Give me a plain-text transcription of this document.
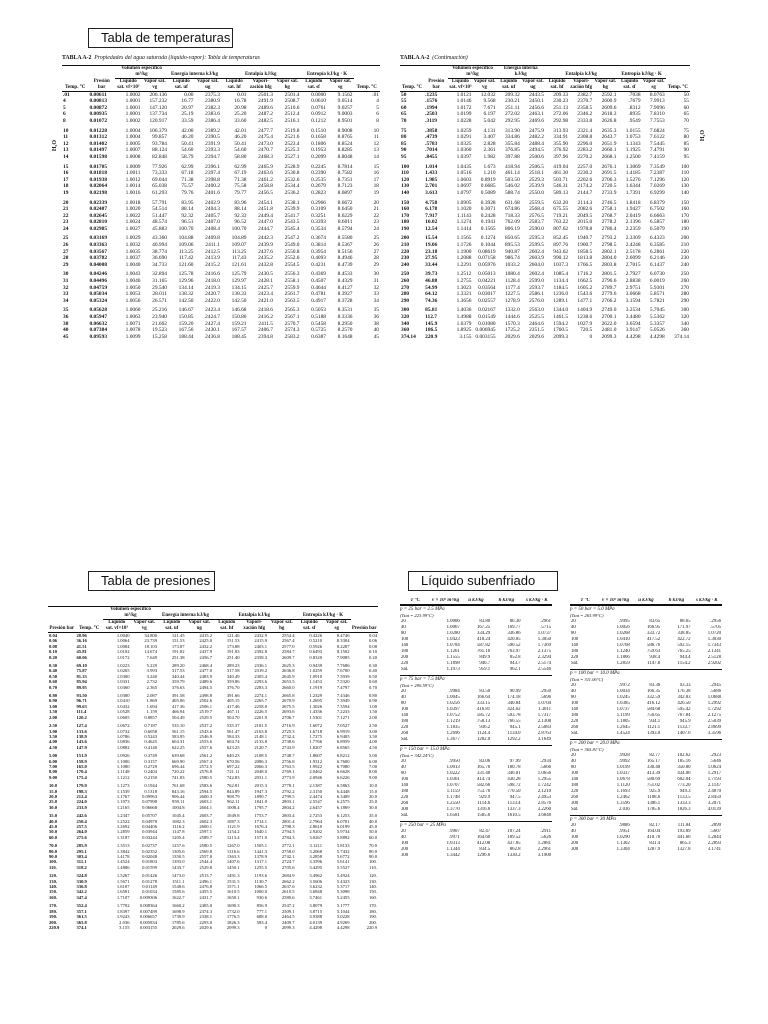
Tabla de temperaturas
Tabla de presiones	Líquido subenfriado
TABLA A-2 Propiedades del agua saturada (líquido-vapor): Tabla de temperaturas
		Volumen específico m³/kg		Energía interna kJ/kg		Entalpía kJ/kg			Entropía kJ/kg · K		
Temp. °C	Presión bar	Líquido sat. vf×10³	Vapor sat. vg	Líquido sat. uf	Vapor sat. ug	Líquido sat. hf	Vapori-zación hfg	Vapor sat. hg	Líquido sat. sf	Vapor sat. sg	Temp. °C
.01	0.00611	1.0002	206.136	0.00	2375.3	0.01	2501.3	2501.4	0.0000	9.1562	.01
4	0.00813	1.0001	157.232	16.77	2380.9	16.78	2491.9	2508.7	0.0610	9.0514	4
5	0.00872	1.0001	147.120	20.97	2382.3	20.98	2489.6	2510.6	0.0761	9.0257	5
6	0.00935	1.0001	137.734	25.19	2383.6	25.20	2487.2	2512.4	0.0912	9.0003	6
8	0.01072	1.0002	120.917	33.59	2386.4	33.60	2482.5	2516.1	0.1212	8.9501	8
10	0.01228	1.0004	106.379	42.00	2389.2	42.01	2477.7	2519.8	0.1510	8.9008	10
11	0.01312	1.0004	99.857	46.20	2390.5	46.20	2475.4	2521.6	0.1658	8.8765	11
12	0.01402	1.0005	93.784	50.41	2391.9	50.41	2473.0	2523.4	0.1806	8.8524	12
13	0.01497	1.0007	88.124	54.60	2393.3	54.60	2470.7	2525.3	0.1953	8.8285	13
14	0.01598	1.0008	82.848	58.79	2394.7	58.80	2468.3	2527.1	0.2099	8.8048	14
15	0.01705	1.0009	77.926	62.99	2396.1	62.99	2465.9	2528.9	0.2245	8.7814	15
16	0.01818	1.0011	73.333	67.18	2397.4	67.19	2463.6	2530.8	0.2390	8.7582	16
17	0.01938	1.0012	69.044	71.38	2398.8	71.38	2461.2	2532.6	0.2535	8.7351	17
18	0.02064	1.0014	65.038	75.57	2400.2	75.58	2458.8	2534.4	0.2679	8.7123	18
19	0.02198	1.0016	61.293	79.76	2401.6	79.77	2456.5	2536.2	0.2823	8.6897	19
20	0.02339	1.0018	57.791	83.95	2402.9	83.96	2454.1	2538.1	0.2966	8.6672	20
21	0.02487	1.0020	54.514	88.14	2404.3	88.14	2451.8	2539.9	0.3109	8.6450	21
22	0.02645	1.0022	51.447	92.32	2405.7	92.33	2449.4	2541.7	0.3251	8.6229	22
23	0.02810	1.0024	48.574	96.51	2407.0	96.52	2447.0	2543.5	0.3393	8.6011	23
24	0.02985	1.0027	45.883	100.70	2408.4	100.70	2444.7	2545.4	0.3534	8.5794	24
25	0.03169	1.0029	43.360	104.88	2409.8	104.89	2442.3	2547.2	0.3674	8.5580	25
26	0.03363	1.0032	40.994	109.06	2411.1	109.07	2439.9	2549.0	0.3814	8.5367	26
27	0.03567	1.0035	38.774	113.25	2412.5	113.25	2437.6	2550.8	0.3954	8.5156	27
28	0.03782	1.0037	36.690	117.42	2413.9	117.43	2435.2	2552.6	0.4093	8.4946	28
29	0.04008	1.0040	34.733	121.60	2415.2	121.61	2432.8	2554.5	0.4231	8.4739	29
30	0.04246	1.0043	32.894	125.78	2416.6	125.79	2430.5	2556.3	0.4369	8.4533	30
31	0.04496	1.0046	31.165	129.96	2418.0	129.97	2428.1	2558.1	0.4507	8.4329	31
32	0.04759	1.0050	29.540	134.14	2419.3	134.15	2425.7	2559.9	0.4644	8.4127	32
33	0.05034	1.0053	28.011	138.32	2420.7	138.33	2423.4	2561.7	0.4781	8.3927	33
34	0.05324	1.0056	26.571	142.50	2422.0	142.50	2421.0	2563.5	0.4917	8.3728	34
35	0.05628	1.0060	25.216	146.67	2423.4	146.68	2418.6	2565.3	0.5053	8.3531	35
36	0.05947	1.0063	23.940	150.85	2424.7	150.86	2416.2	2567.1	0.5188	8.3336	36
38	0.06632	1.0071	21.602	159.20	2427.4	159.21	2411.5	2570.7	0.5458	8.2950	38
40	0.07384	1.0078	19.523	167.56	2430.1	167.57	2406.7	2574.3	0.5725	8.2570	40
45	0.09593	1.0099	15.258	188.44	2436.8	188.45	2394.8	2583.2	0.6387	8.1648	45
H₂O
TABLA A-2 (Continuación)
		Volumen específico m³/kg		Energía interna kJ/kg		Entalpía kJ/kg			Entropía kJ/kg · K		
Temp. °C	Presión bar	Líquido sat. vf×10³	Vapor sat. vg	Líquido sat. uf	Vapor sat. ug	Líquido sat. hf	Vapori-zación hfg	Vapor sat. hg	Líquido sat. sf	Vapor sat. sg	Temp. °C
50	.1235	1.0121	12.032	209.32	2443.5	209.33	2382.7	2592.1	.7038	8.0763	50
55	.1576	1.0146	9.568	230.21	2450.1	230.23	2370.7	2600.9	.7679	7.9913	55
60	.1994	1.0172	7.671	251.11	2456.6	251.13	2358.5	2609.6	.8312	7.9096	60
65	.2503	1.0199	6.197	272.02	2463.1	272.06	2346.2	2618.3	.8935	7.8310	65
70	.3119	1.0228	5.042	292.95	2469.6	292.98	2333.8	2626.8	.9549	7.7553	70
75	.3858	1.0259	4.131	313.90	2475.9	313.93	2321.4	2635.3	1.0155	7.6824	75
80	.4739	1.0291	3.407	334.86	2482.2	334.91	2308.8	2643.7	1.0753	7.6122	80
85	.5783	1.0325	2.828	355.84	2488.4	355.90	2296.0	2651.9	1.1343	7.5445	85
90	.7014	1.0360	2.361	376.85	2494.5	376.92	2283.2	2660.1	1.1925	7.4791	90
95	.8455	1.0397	1.982	397.88	2500.6	397.96	2270.2	2668.1	1.2500	7.4159	95
100	1.014	1.0435	1.673	418.94	2506.5	419.04	2257.0	2676.1	1.3069	7.3549	100
110	1.433	1.0516	1.210	461.14	2518.1	461.30	2230.2	2691.5	1.4185	7.2387	110
120	1.985	1.0603	0.8919	503.50	2529.3	503.71	2202.6	2706.3	1.5276	7.1296	120
130	2.701	1.0697	0.6685	546.02	2539.9	546.31	2174.2	2720.5	1.6344	7.0269	130
140	3.613	1.0797	0.5089	588.74	2550.0	589.13	2144.7	2733.9	1.7391	6.9299	140
150	4.758	1.0905	0.3928	631.68	2559.5	632.20	2114.3	2746.5	1.8418	6.8379	150
160	6.178	1.1020	0.3071	674.86	2568.4	675.55	2082.6	2758.1	1.9427	6.7502	160
170	7.917	1.1143	0.2428	718.33	2576.5	719.21	2049.5	2768.7	2.0419	6.6663	170
180	10.02	1.1274	0.1941	762.09	2583.7	763.22	2015.0	2778.2	2.1396	6.5857	180
190	12.54	1.1414	0.1565	806.19	2590.0	807.62	1978.8	2786.4	2.2359	6.5079	190
200	15.54	1.1565	0.1274	850.65	2595.3	852.45	1940.7	2793.2	2.3309	6.4323	200
210	19.06	1.1726	0.1044	895.53	2599.5	897.76	1900.7	2798.5	2.4248	6.3585	210
220	23.18	1.1900	0.08619	940.87	2602.4	943.62	1858.5	2802.1	2.5178	6.2861	220
230	27.95	1.2088	0.07158	986.74	2603.9	990.12	1813.8	2804.0	2.6099	6.2146	230
240	33.44	1.2291	0.05976	1033.2	2604.0	1037.3	1766.5	2803.8	2.7015	6.1437	240
250	39.73	1.2512	0.05013	1080.4	2602.4	1085.4	1716.2	2801.5	2.7927	6.0730	250
260	46.88	1.2755	0.04221	1128.4	2599.0	1134.4	1662.5	2796.6	2.8838	6.0019	260
270	54.99	1.3023	0.03564	1177.4	2593.7	1184.5	1605.2	2789.7	2.9751	5.9301	270
280	64.12	1.3321	0.03017	1227.5	2586.1	1236.0	1543.6	2779.6	3.0668	5.8571	280
290	74.36	1.3656	0.02557	1278.9	2576.0	1289.1	1477.1	2766.2	3.1594	5.7821	290
300	85.81	1.4036	0.02167	1332.0	2563.0	1344.0	1404.9	2749.0	3.2534	5.7045	300
320	112.7	1.4988	0.01549	1444.6	2525.5	1461.5	1238.6	2700.1	3.4480	5.5362	320
340	145.9	1.6379	0.01080	1570.3	2464.6	1594.2	1027.9	2622.0	3.6594	5.3357	340
360	186.5	1.8925	0.006945	1725.2	2351.5	1760.5	720.5	2481.0	3.9147	5.0526	360
374.14	220.9	3.155	0.003155	2029.6	2029.6	2099.3	0	2099.3	4.4298	4.4298	374.14
H₂O
		Volumen específico m³/kg		Energía interna kJ/kg		Entalpía kJ/kg			Entropía kJ/kg · K		
Presión bar	Temp. °C	Líquido sat. vf×10³	Vapor sat. vg	Líquido sat. uf	Vapor sat. ug	Líquido sat. hf	Vapori-zación hfg	Vapor sat. hg	Líquido sat. sf	Vapor sat. sg	Presión bar
0.04	28.96	1.0040	34.800	121.45	2415.2	121.46	2432.9	2554.4	0.4226	8.4746	0.04
0.06	36.16	1.0064	23.739	151.53	2425.0	151.53	2415.9	2567.4	0.5210	8.3304	0.06
0.08	41.51	1.0084	18.103	173.87	2432.2	173.88	2403.1	2577.0	0.5926	8.2287	0.08
0.10	45.81	1.0102	14.674	191.82	2437.9	191.83	2392.8	2584.7	0.6493	8.1502	0.10
0.20	60.06	1.0172	7.649	251.38	2456.7	251.40	2358.3	2609.7	0.8320	7.9085	0.20
0.30	69.10	1.0223	5.229	289.20	2468.4	289.23	2336.1	2625.3	0.9439	7.7686	0.30
0.40	75.87	1.0265	3.993	317.53	2477.0	317.58	2319.2	2636.8	1.0259	7.6700	0.40
0.50	81.33	1.0300	3.240	340.44	2483.9	340.49	2305.4	2645.9	1.0910	7.5939	0.50
0.60	85.94	1.0331	2.732	359.79	2489.6	359.86	2293.6	2653.5	1.1453	7.5320	0.60
0.70	89.95	1.0360	2.365	376.63	2494.5	376.70	2283.3	2660.0	1.1919	7.4797	0.70
0.80	93.50	1.0380	2.087	391.58	2498.8	391.66	2274.1	2665.8	1.2329	7.4346	0.80
0.90	96.71	1.0410	1.869	405.06	2502.6	405.15	2265.7	2670.9	1.2695	7.3949	0.90
1.00	99.63	1.0432	1.694	417.36	2506.1	417.46	2258.0	2675.5	1.3026	7.3594	1.00
1.50	111.4	1.0528	1.159	466.94	2519.7	467.11	2226.5	2693.6	1.4336	7.2233	1.50
2.00	120.2	1.0605	0.8857	504.49	2529.5	504.70	2201.9	2706.7	1.5301	7.1271	2.00
2.50	127.4	1.0672	0.7187	535.10	2537.2	535.37	2181.5	2716.9	1.6072	7.0527	2.50
3.00	133.6	1.0732	0.6058	561.15	2543.6	561.47	2163.8	2725.3	1.6718	6.9919	3.00
3.50	138.9	1.0786	0.5243	583.95	2546.9	584.33	2148.1	2732.4	1.7275	6.9405	3.50
4.00	143.6	1.0836	0.4625	604.31	2553.6	604.74	2133.8	2738.6	1.7766	6.8959	4.00
4.50	147.9	1.0882	0.4140	622.25	2557.6	623.25	2120.7	2743.9	1.8207	6.8565	4.50
5.00	151.9	1.0926	0.3749	639.68	2561.2	640.23	2108.5	2748.7	1.8607	6.8212	5.00
6.00	158.9	1.1006	0.3157	669.90	2567.4	670.56	2086.3	2756.8	1.9312	6.7600	6.00
7.00	165.0	1.1080	0.2729	696.44	2572.5	697.22	2066.3	2763.5	1.9922	6.7080	7.00
8.00	170.4	1.1148	0.2404	720.22	2576.8	721.11	2048.0	2769.1	2.0462	6.6628	8.00
9.00	175.4	1.1212	0.2150	741.83	2580.5	742.83	2031.1	2773.9	2.0946	6.6226	9.00
10.0	179.9	1.1273	0.1944	761.68	2583.6	762.81	2015.3	2778.1	2.1387	6.5863	10.0
15.0	198.3	1.1539	0.1318	843.16	2594.5	844.89	1947.3	2792.2	2.3150	6.4448	15.0
20.0	212.4	1.1767	0.09963	906.44	2600.3	908.79	1890.7	2799.5	2.4474	6.3409	20.0
25.0	224.0	1.1973	0.07998	959.11	2603.1	962.11	1841.0	2803.1	2.5547	6.2575	25.0
30.0	233.9	1.2165	0.06668	1004.8	2604.1	1008.4	1795.7	2804.2	2.6457	6.1869	30.0
35.0	242.6	1.2347	0.05707	1045.4	2603.7	1049.8	1753.7	2803.4	2.7253	6.1253	35.0
40.0	250.4	1.2522	0.04978	1082.3	2602.3	1087.3	1714.1	2801.4	2.7964	6.0701	40.0
45.0	257.5	1.2692	0.04406	1116.2	2600.1	1121.9	1676.4	2798.3	2.8610	6.0199	45.0
50.0	264.0	1.2859	0.03944	1147.8	2597.1	1154.2	1640.1	2794.3	2.9202	5.9734	50.0
60.0	275.6	1.3187	0.03244	1205.4	2589.7	1213.4	1571.0	2784.3	3.0267	5.8892	60.0
70.0	285.9	1.3513	0.02737	1257.6	2580.5	1267.0	1505.1	2772.1	3.1211	5.8133	70.0
80.0	295.1	1.3842	0.02352	1305.6	2569.8	1316.6	1441.3	2758.0	3.2068	5.7432	80.0
90.0	303.4	1.4178	0.02048	1350.5	2557.8	1363.3	1378.9	2742.1	3.2858	5.6772	90.0
100.	311.1	1.4524	0.01803	1393.0	2544.4	1407.6	1317.1	2724.7	3.3596	5.6141	100.
110.	318.2	1.4886	0.01599	1433.7	2529.8	1450.1	1255.5	2705.6	3.4295	5.5527	110.
120.	324.8	1.5267	0.01426	1473.0	2513.7	1491.3	1193.6	2684.9	3.4962	5.4924	120.
130.	330.9	1.5671	0.01278	1511.1	2496.1	1531.5	1130.7	2662.2	3.5606	5.4323	130.
140.	336.8	1.6107	0.01149	1548.6	2476.8	1571.1	1066.5	2637.6	3.6232	5.3717	140.
150.	342.2	1.6581	0.01034	1585.6	2455.5	1610.5	1000.0	2610.5	3.6848	5.3098	150.
160.	347.4	1.7107	0.009306	1622.7	2431.7	1650.1	930.6	2580.6	3.7461	5.2455	160.
170.	352.4	1.7702	0.008364	1660.2	2405.0	1690.3	856.9	2547.2	3.8079	5.1777	170.
180.	357.1	1.8397	0.007489	1698.9	2374.3	1732.0	777.1	2509.1	3.8715	5.1044	180.
190.	361.5	1.9243	0.006657	1739.9	2338.1	1776.5	688.0	2464.5	3.9388	5.0228	190.
200.	365.8	2.036	0.005834	1785.6	2293.0	1826.3	583.4	2409.7	4.0139	4.9269	200.
220.9	374.1	3.155	0.003155	2029.6	2029.6	2099.3	0	2099.3	4.4298	4.4298	220.9
T °C	v × 10³ m³/kg	u kJ/kg	h kJ/kg	s kJ/kg · K
p = 25 bar = 2.5 MPa
(Tsat = 223.99°C)
20	1.0006	83.80	86.30	.2961
40	1.0067	167.25	169.77	.5715
80	1.0280	334.29	336.86	1.0737
100	1.0423	418.24	420.85	1.3050
140	1.0784	587.82	590.52	1.7369
180	1.1261	761.16	763.97	2.1375
200	1.1555	849.9	852.8	2.3294
220	1.1898	940.7	943.7	2.5174
Sat.	1.1973	959.1	962.1	2.5546
p = 75 bar = 7.5 MPa
(Tsat = 290.59°C)
20	.9984	83.50	90.99	.2950
40	1.0045	166.64	174.18	.5696
80	1.0256	333.15	340.84	1.0704
100	1.0397	416.81	424.62	1.3011
140	1.0752	585.72	593.78	1.7317
180	1.1219	758.13	766.55	2.1308
220	1.1835	936.2	945.1	2.5083
260	1.2696	1124.4	1134.0	2.8763
Sat.	1.3677	1282.0	1292.2	3.1649
p = 150 bar = 15.0 MPa
(Tsat = 342.24°C)
20	.9950	83.06	97.99	.2934
40	1.0013	165.76	180.78	.5666
80	1.0222	331.48	346.81	1.0656
100	1.0361	414.74	430.28	1.2955
140	1.0707	582.66	598.72	1.7242
180	1.1159	753.76	770.50	2.1210
220	1.1748	929.9	947.5	2.4953
260	1.2550	1114.6	1133.4	2.8576
300	1.3770	1316.6	1337.3	3.2260
Sat.	1.6581	1585.6	1610.5	3.6848
p = 250 bar = 25 MPa
20	.9907	82.47	107.24	.2911
40	.9971	164.60	189.52	.5626
100	1.0313	412.08	437.85	1.2881
200	1.1344	834.5	862.8	2.2961
300	1.3442	1296.6	1330.2	3.1900
T °C	v × 10³ m³/kg	u kJ/kg	h kJ/kg	s kJ/kg · K
p = 50 bar = 5.0 MPa
(Tsat = 263.99°C)
20	.9995	83.65	88.65	.2956
40	1.0056	166.95	171.97	.5705
80	1.0268	333.72	338.85	1.0720
100	1.0410	417.52	422.72	1.3030
140	1.0768	586.76	592.15	1.7343
180	1.1240	759.63	765.25	2.1341
220	1.1866	938.4	944.4	2.5128
Sat.	1.2859	1147.8	1154.2	2.9202
p = 100 bar = 10.0 MPa
(Tsat = 311.06°C)
20	.9972	83.36	93.33	.2945
40	1.0034	166.35	176.38	.5686
80	1.0245	332.59	342.83	1.0688
100	1.0385	416.12	426.50	1.2992
140	1.0737	584.68	595.42	1.7292
180	1.1199	756.65	767.84	2.1275
220	1.1805	934.1	945.9	2.5039
260	1.2645	1121.1	1133.7	2.8699
Sat.	1.4524	1393.0	1407.6	3.3596
p = 200 bar = 20.0 MPa
(Tsat = 365.81°C)
20	.9928	82.77	102.62	.2923
40	.9992	165.17	185.16	.5646
80	1.0199	330.40	350.80	1.0624
100	1.0337	413.39	434.06	1.2917
140	1.0678	580.69	602.04	1.7193
180	1.1120	751.02	773.20	2.1147
220	1.1693	925.9	949.3	2.4870
260	1.2462	1108.6	1133.5	2.8459
300	1.3596	1306.1	1333.3	3.2071
Sat.	2.036	1785.6	1826.3	4.0139
p = 300 bar = 30 MPa
20	.9886	82.17	111.84	.2899
40	.9951	164.04	193.89	.5607
100	1.0290	410.78	441.66	1.2844
200	1.1302	831.4	865.3	2.2893
300	1.3304	1287.9	1327.8	3.1741
